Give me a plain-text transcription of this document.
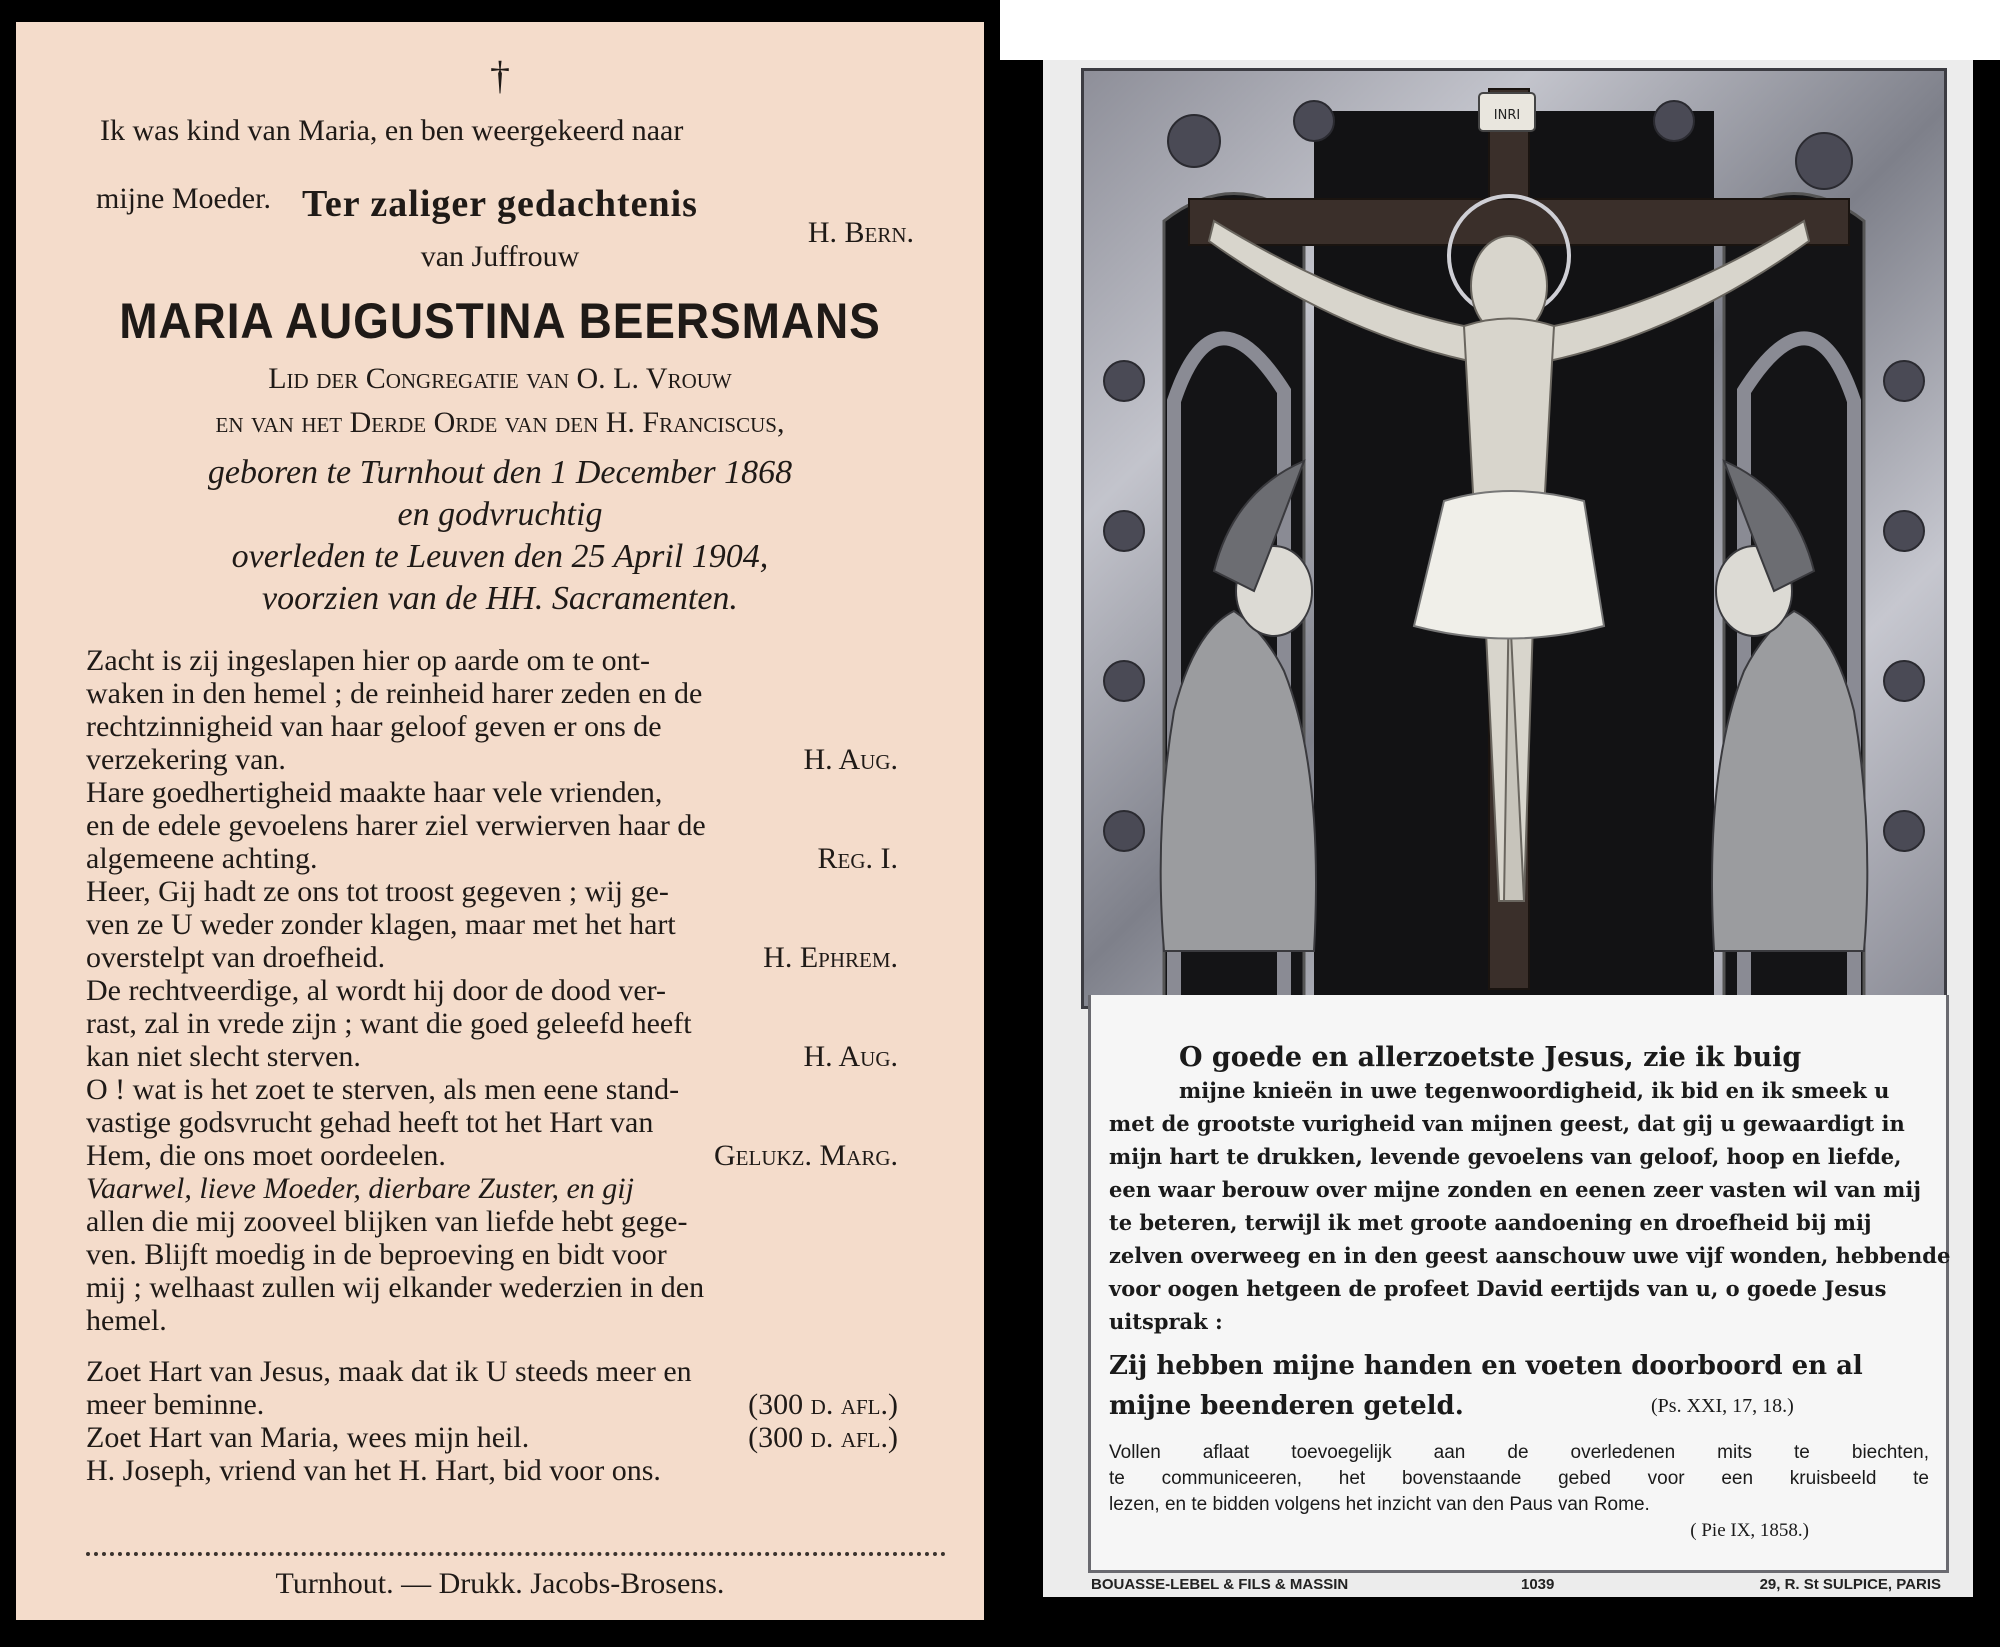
†
Ik was kind van Maria, en ben weergekeerd naar

mijne Moeder.

H. Bern.

Ter zaliger gedachtenis
van Juffrouw
MARIA AUGUSTINA BEERSMANS
Lid der Congregatie van O. L. Vrouw
en van het Derde Orde van den H. Franciscus,
geboren te Turnhout den 1 December 1868
en godvruchtig
overleden te Leuven den 25 April 1904,
voorzien van de HH. Sacramenten.
Zacht is zij ingeslapen hier op aarde om te ont-
waken in den hemel ; de reinheid harer zeden en de
rechtzinnigheid van haar geloof geven er ons de
verzekering van.	H. Aug.
Hare goedhertigheid maakte haar vele vrienden,
en de edele gevoelens harer ziel verwierven haar de
algemeene achting.	Reg. I.
Heer, Gij hadt ze ons tot troost gegeven ; wij ge-
ven ze U weder zonder klagen, maar met het hart
overstelpt van droefheid.	H. Ephrem.
De rechtveerdige, al wordt hij door de dood ver-
rast, zal in vrede zijn ; want die goed geleefd heeft
kan niet slecht sterven.	H. Aug.
O ! wat is het zoet te sterven, als men eene stand-
vastige godsvrucht gehad heeft tot het Hart van
Hem, die ons moet oordeelen.	Gelukz. Marg.
Vaarwel, lieve Moeder, dierbare Zuster, en gij
allen die mij zooveel blijken van liefde hebt gege-
ven. Blijft moedig in de beproeving en bidt voor
mij ; welhaast zullen wij elkander wederzien in den
hemel.
Zoet Hart van Jesus, maak dat ik U steeds meer en
meer beminne.	(300 d. afl.)
Zoet Hart van Maria, wees mijn heil.	(300 d. afl.)
H. Joseph, vriend van het H. Hart, bid voor ons.
Turnhout. — Drukk. Jacobs-Brosens.
INRI
O goede en allerzoetste Jesus, zie ik buig
mijne knieën in uwe tegenwoordigheid, ik bid en ik smeek u
met de grootste vurigheid van mijnen geest, dat gij u gewaardigt in
mijn hart te drukken, levende gevoelens van geloof, hoop en liefde,
een waar berouw over mijne zonden en eenen zeer vasten wil van mij
te beteren, terwijl ik met groote aandoening en droefheid bij mij
zelven overweeg en in den geest aanschouw uwe vijf wonden, hebbende
voor oogen hetgeen de profeet David eertijds van u, o goede Jesus
uitsprak :
Zij hebben mijne handen en voeten doorboord en al
mijne beenderen geteld.	(Ps. XXI, 17, 18.)
Vollen aflaat toevoegelijk aan de overledenen mits te biechten,
te communiceeren, het bovenstaande gebed voor een kruisbeeld te
lezen, en te bidden volgens het inzicht van den Paus van Rome.
( Pie IX, 1858.)
BOUASSE-LEBEL & FILS & MASSIN	1039	29, R. St SULPICE, PARIS
